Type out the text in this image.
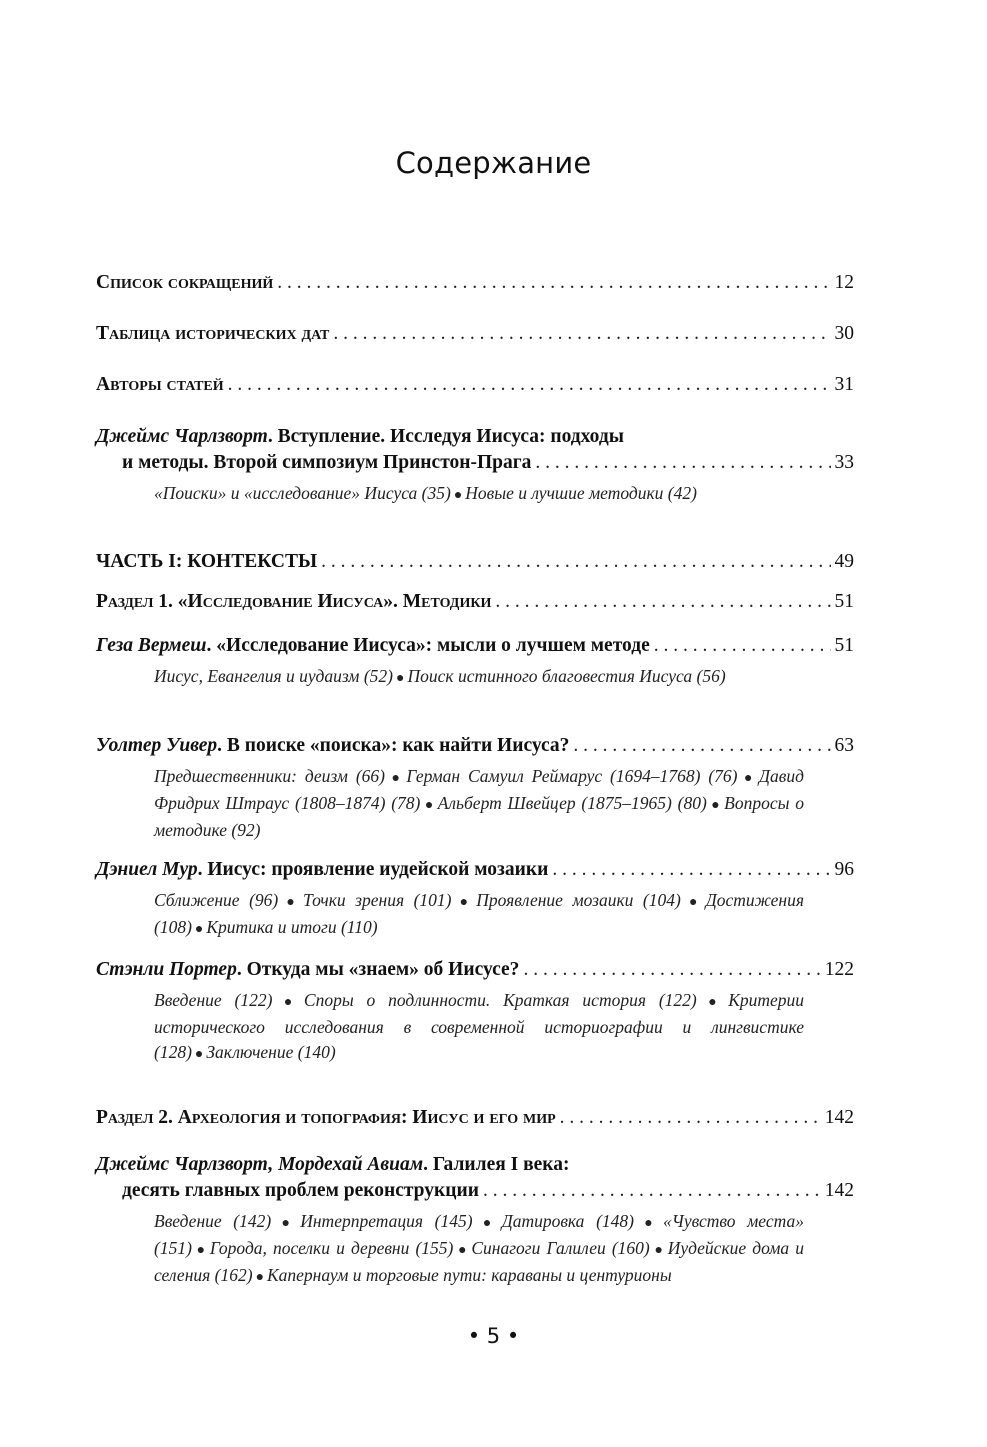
Содержание
Список сокращений . . .	12
Таблица исторических дат . . .	30
Авторы статей . . .	31
Джеймс Чарлзворт. Вступление. Исследуя Иисуса: подходы
и методы. Второй симпозиум Принстон-Прага . . .	33
«Поиски» и «исследование» Иисуса (35) ● Новые и лучшие методики (42)
ЧАСТЬ I: КОНТЕКСТЫ . . .	49
Раздел 1. «Исследование Иисуса». Методики . . .	51
Геза Вермеш. «Исследование Иисуса»: мысли о лучшем методе . . .	51
Иисус, Евангелия и иудаизм (52) ● Поиск истинного благовестия Иисуса (56)
Уолтер Уивер. В поиске «поиска»: как найти Иисуса? . . .	63
Предшественники: деизм (66) ● Герман Самуил Реймарус (1694–1768) (76) ● Давид Фридрих Штраус (1808–1874) (78) ● Альберт Швейцер (1875–1965) (80) ● Вопросы о методике (92)
Дэниел Мур. Иисус: проявление иудейской мозаики . . .	96
Сближение (96) ● Точки зрения (101) ● Проявление мозаики (104) ● Достижения (108) ● Критика и итоги (110)
Стэнли Портер. Откуда мы «знаем» об Иисусе? . . .	122
Введение (122) ● Споры о подлинности. Краткая история (122) ● Критерии исторического исследования в современной историографии и лингвистике (128) ● Заключение (140)
Раздел 2. Археология и топография: Иисус и его мир . . .	142
Джеймс Чарлзворт, Мордехай Авиам. Галилея I века:
десять главных проблем реконструкции . . .	142
Введение (142) ● Интерпретация (145) ● Датировка (148) ● «Чувство места» (151) ● Города, поселки и деревни (155) ● Синагоги Галилеи (160) ● Иудейские дома и селения (162) ● Капернаум и торговые пути: караваны и центурионы
• 5 •
